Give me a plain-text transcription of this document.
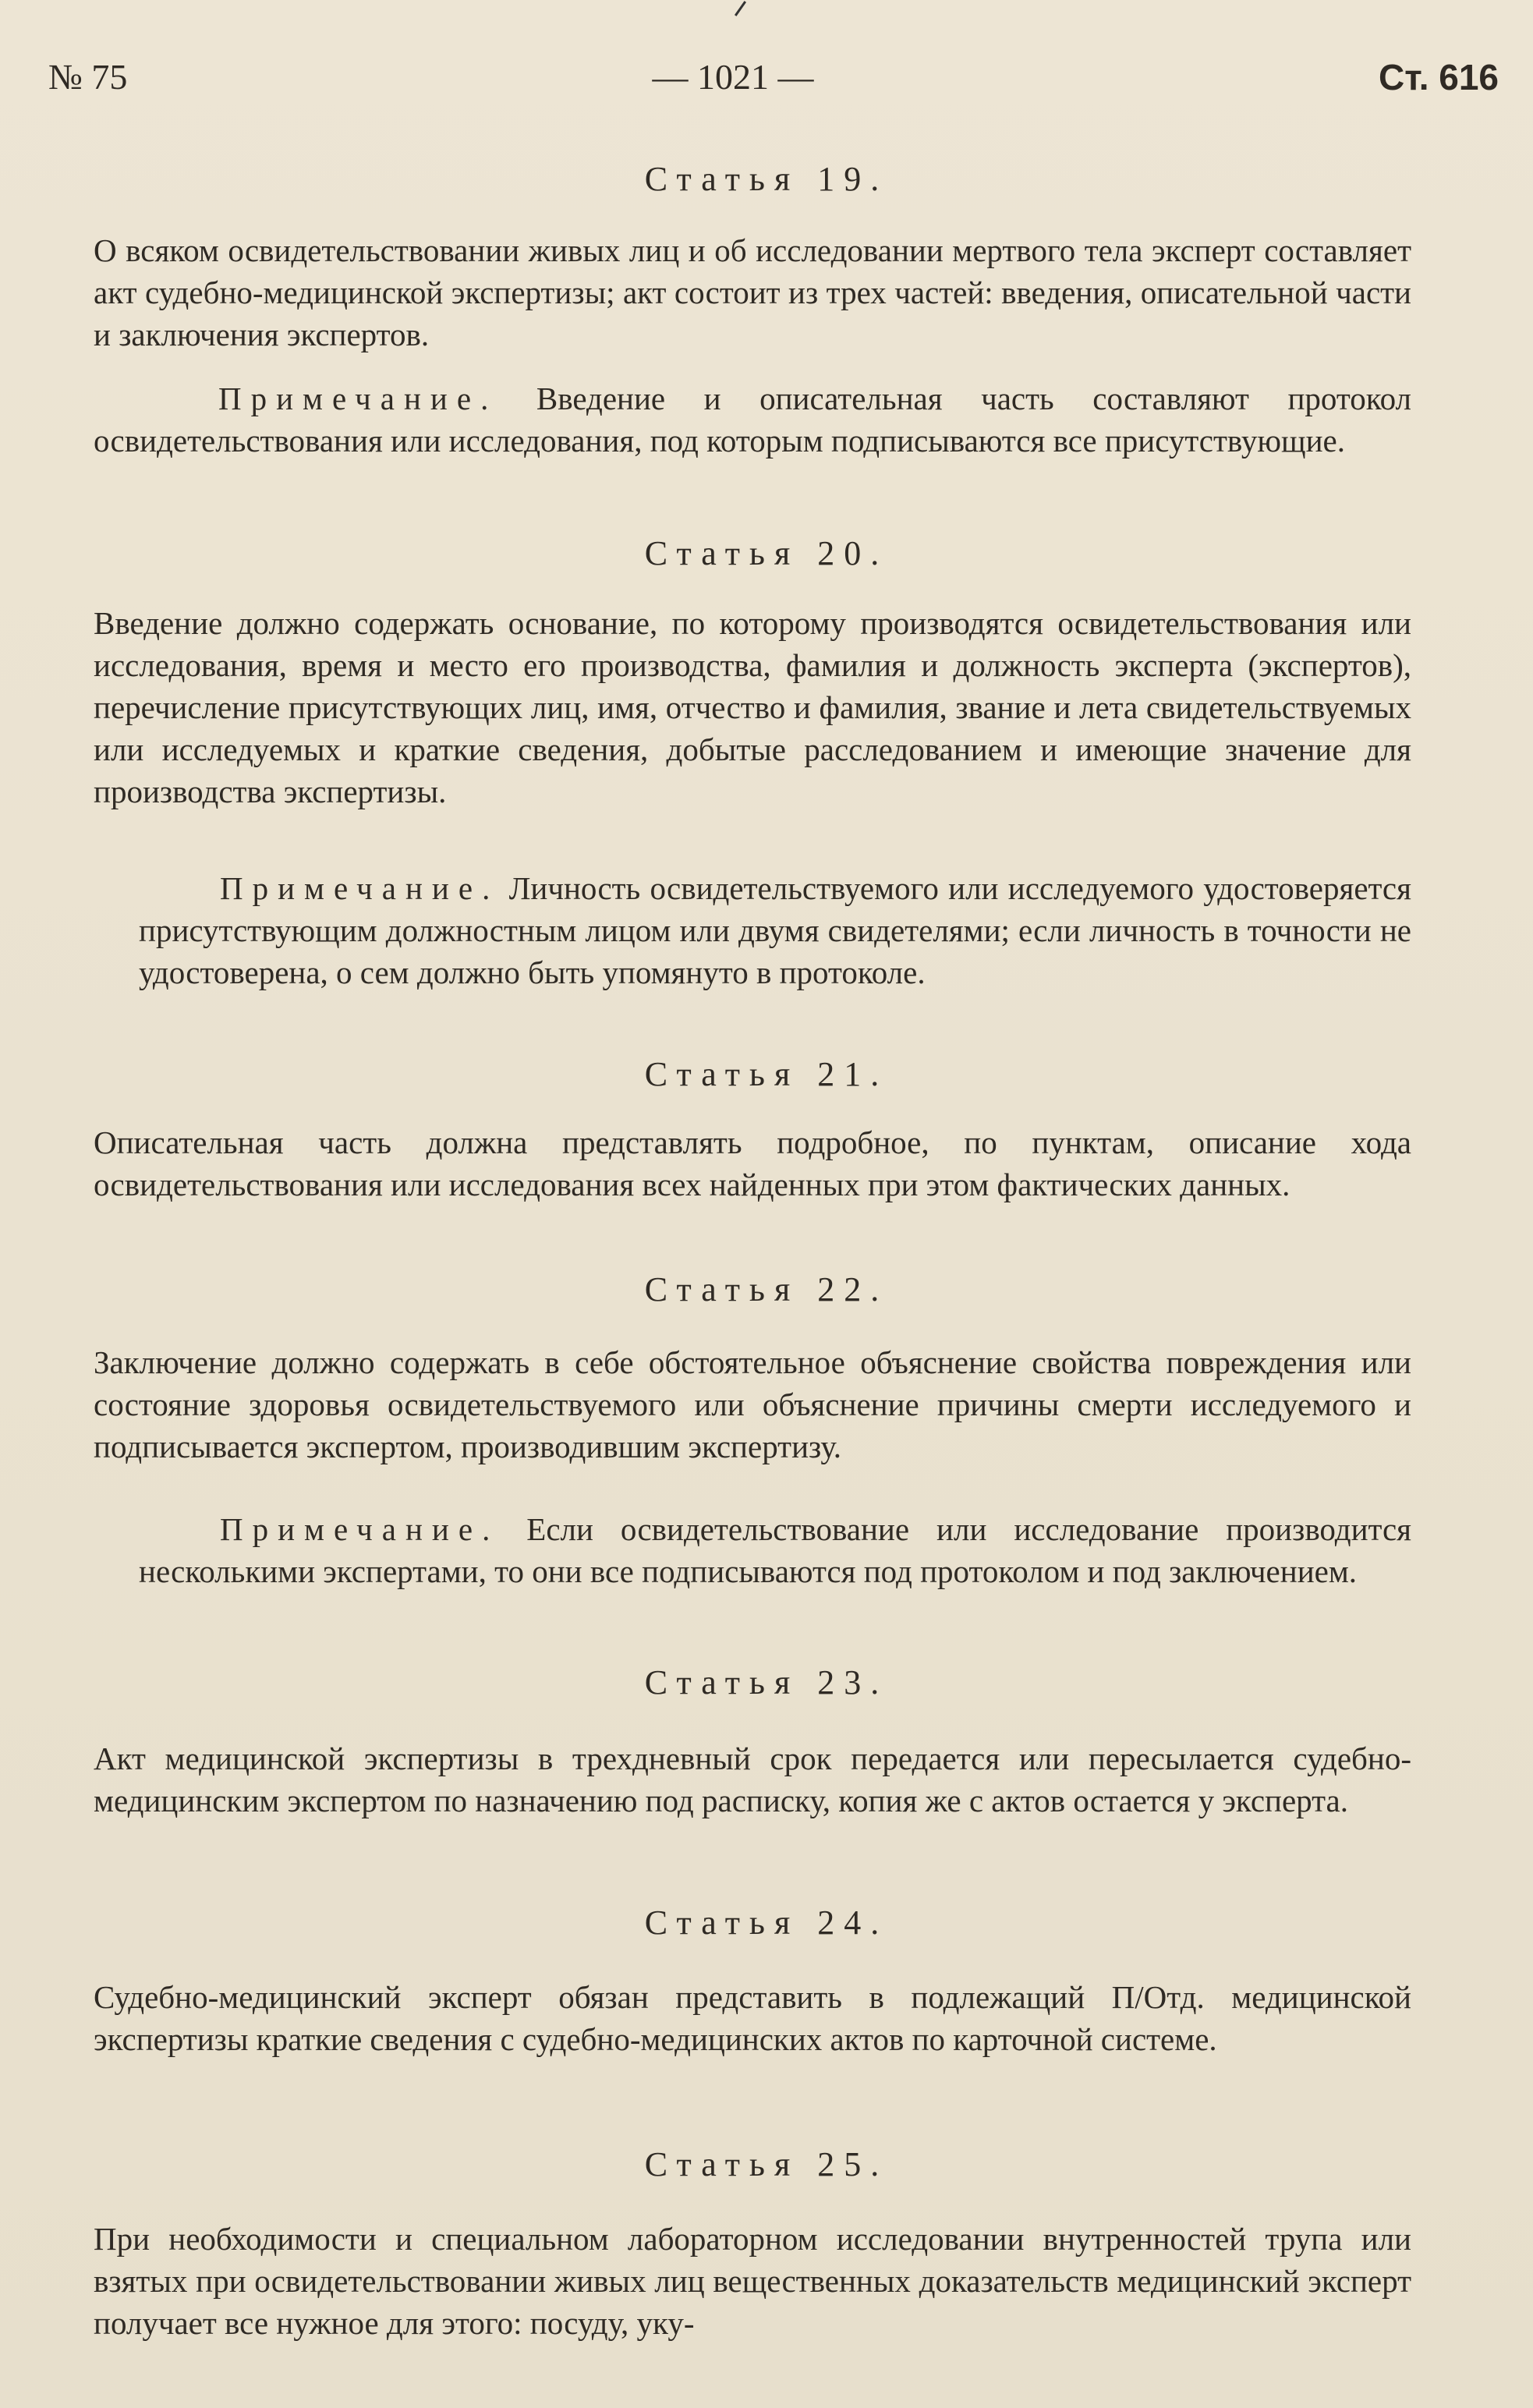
№ 75	— 1021 —	Ст. 616
Статья 19.

О всяком освидетельствовании живых лиц и об исследовании мертвого тела эксперт составляет акт судебно-медицинской экспертизы; акт состоит из трех частей: введения, описательной части и заключения экспертов.

Примечание. Введение и описательная часть составляют протокол освидетельствования или исследования, под которым подписываются все присутствующие.

Статья 20.

Введение должно содержать основание, по которому производятся освидетельствования или исследования, время и место его производства, фамилия и должность эксперта (экспертов), перечисление присутствующих лиц, имя, отчество и фамилия, звание и лета свидетельствуемых или исследуемых и краткие сведения, добытые расследованием и имеющие значение для производства экспертизы.

Примечание. Личность освидетельствуемого или исследуемого удостоверяется присутствующим должностным лицом или двумя свидетелями; если личность в точности не удостоверена, о сем должно быть упомянуто в протоколе.

Статья 21.

Описательная часть должна представлять подробное, по пунктам, описание хода освидетельствования или исследования всех найденных при этом фактических данных.

Статья 22.

Заключение должно содержать в себе обстоятельное объяснение свойства повреждения или состояние здоровья освидетельствуемого или объяснение причины смерти исследуемого и подписывается экспертом, производившим экспертизу.

Примечание. Если освидетельствование или исследование производится несколькими экспертами, то они все подписываются под протоколом и под заключением.

Статья 23.

Акт медицинской экспертизы в трехдневный срок передается или пересылается судебно-медицинским экспертом по назначению под расписку, копия же с актов остается у эксперта.

Статья 24.

Судебно-медицинский эксперт обязан представить в подлежащий П/Отд. медицинской экспертизы краткие сведения с судебно-медицинских актов по карточной системе.

Статья 25.

При необходимости и специальном лабораторном исследовании внутренностей трупа или взятых при освидетельствовании живых лиц вещественных доказательств медицинский эксперт получает все нужное для этого: посуду, уку-
